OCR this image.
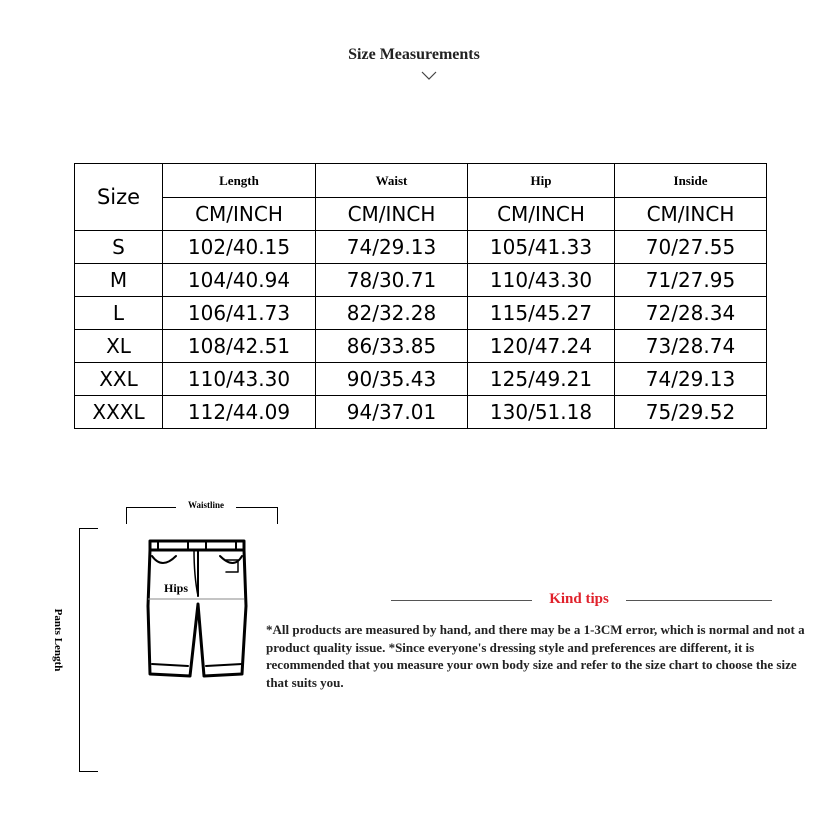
Size Measurements
Size	Length	Waist	Hip	Inside
	CM/INCH	CM/INCH	CM/INCH	CM/INCH
S	102/40.15	74/29.13	105/41.33	70/27.55
M	104/40.94	78/30.71	110/43.30	71/27.95
L	106/41.73	82/32.28	115/45.27	72/28.34
XL	108/42.51	86/33.85	120/47.24	73/28.74
XXL	110/43.30	90/35.43	125/49.21	74/29.13
XXXL	112/44.09	94/37.01	130/51.18	75/29.52
Waistline
Pants Length
Hips
Kind tips
*All products are measured by hand, and there may be a 1-3CM error, which is normal and not a product quality issue. *Since everyone's dressing style and preferences are different, it is recommended that you measure your own body size and refer to the size chart to choose the size that suits you.
